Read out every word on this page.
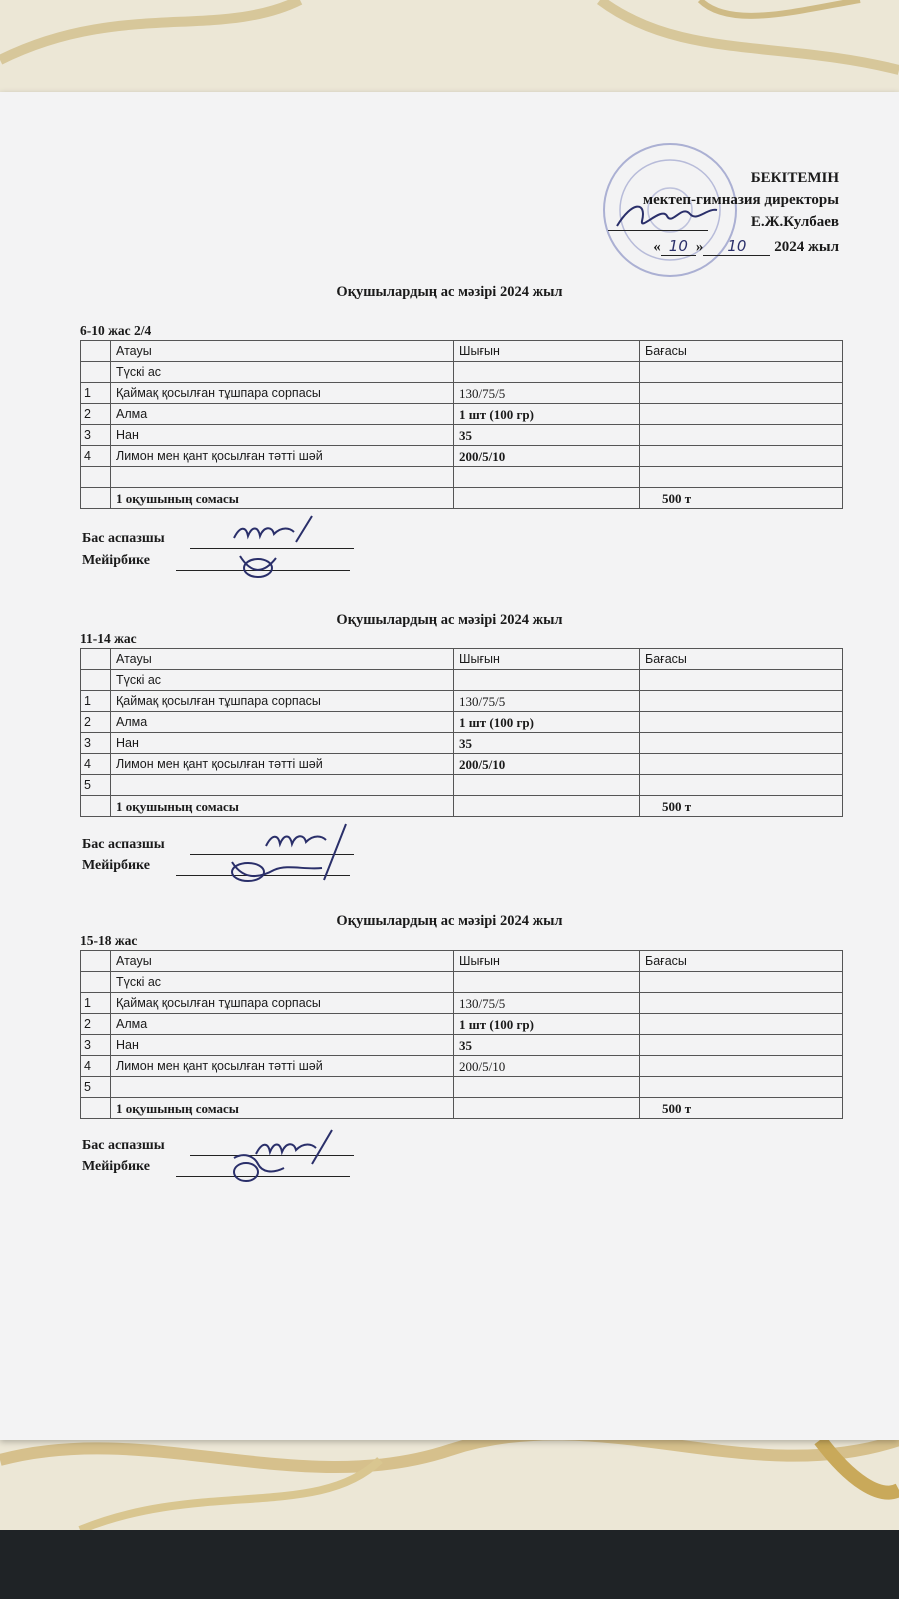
БЕКІТЕМІН
мектеп-гимназия директоры
Е.Ж.Кулбаев
« 10 » 10 2024 жыл
Оқушылардың ас мәзірі 2024 жыл
6-10 жас 2/4
	Атауы	Шығын	Бағасы
	Түскі ас		
1	Қаймақ қосылған тұшпара сорпасы	130/75/5	
2	Алма	1 шт (100 гр)	
3	Нан	35	
4	Лимон мен қант қосылған тәтті шәй	200/5/10	

	1 оқушының сомасы		500 т
Бас аспазшы
Мейірбике
Оқушылардың ас мәзірі 2024 жыл
11-14 жас
	Атауы	Шығын	Бағасы
	Түскі ас		
1	Қаймақ қосылған тұшпара сорпасы	130/75/5	
2	Алма	1 шт (100 гр)	
3	Нан	35	
4	Лимон мен қант қосылған тәтті шәй	200/5/10	
5			
	1 оқушының сомасы		500 т
Бас аспазшы
Мейірбике
Оқушылардың ас мәзірі 2024 жыл
15-18 жас
	Атауы	Шығын	Бағасы
	Түскі ас		
1	Қаймақ қосылған тұшпара сорпасы	130/75/5	
2	Алма	1 шт (100 гр)	
3	Нан	35	
4	Лимон мен қант қосылған тәтті шәй	200/5/10	
5			
	1 оқушының сомасы		500 т
Бас аспазшы
Мейірбике
